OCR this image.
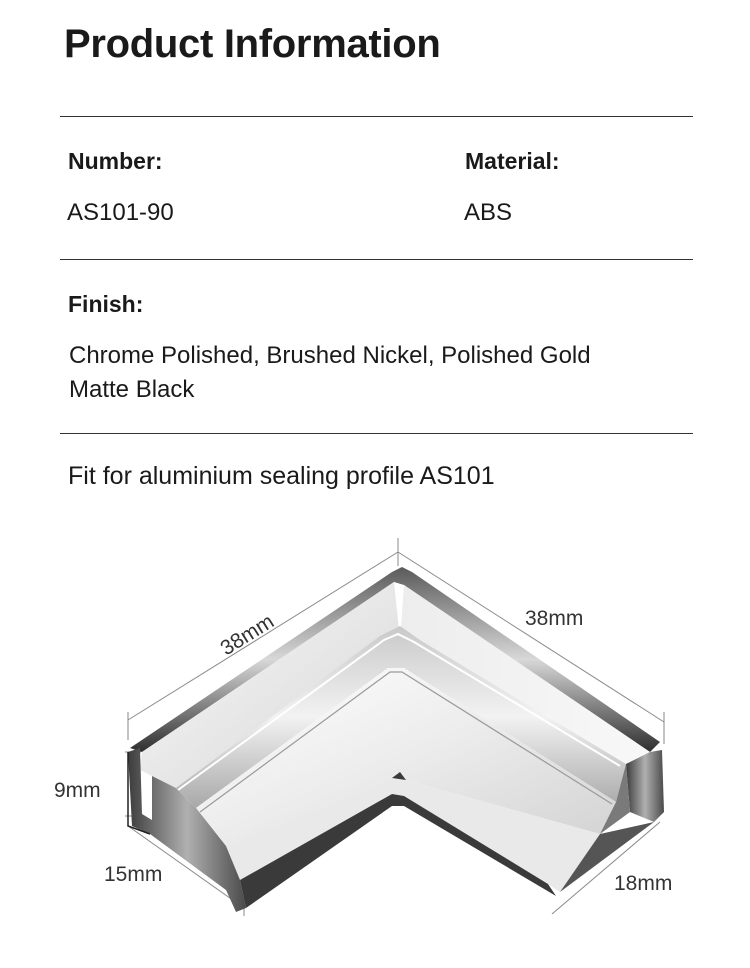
Product Information
Number:
AS101-90
Material:
ABS
Finish:
Chrome Polished, Brushed Nickel, Polished Gold
Matte Black
Fit for aluminium sealing profile AS101
38mm	38mm
9mm
15mm	18mm
